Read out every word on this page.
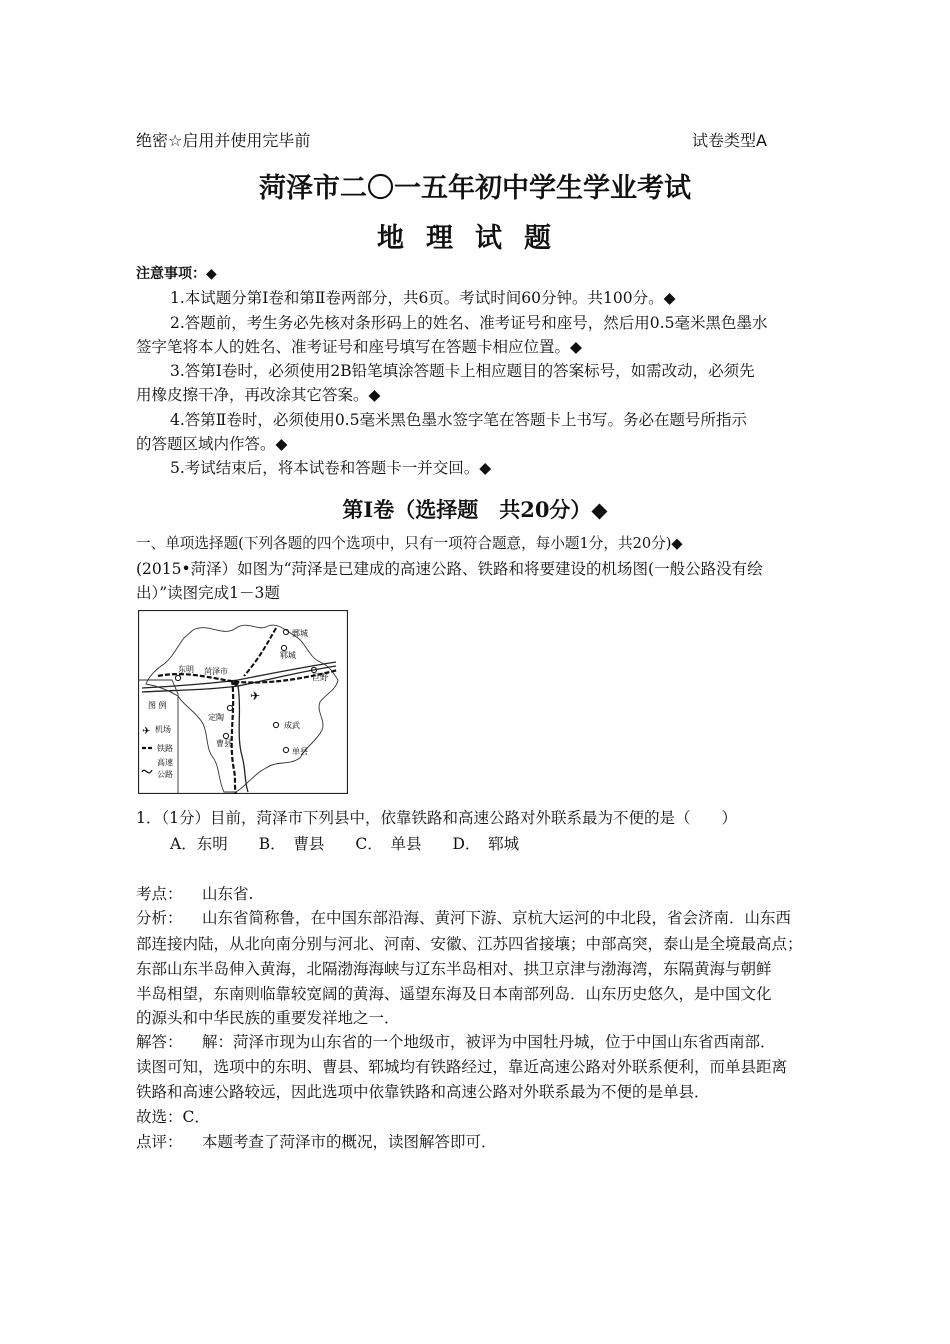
绝密☆启用并使用完毕前	试卷类型A
菏泽市二〇一五年初中学生学业考试
地理试题
注意事项：◆
1.本试题分第Ⅰ卷和第Ⅱ卷两部分，共6页。考试时间60分钟。共100分。◆
2.答题前，考生务必先核对条形码上的姓名、准考证号和座号，然后用0.5毫米黑色墨水
签字笔将本人的姓名、准考证号和座号填写在答题卡相应位置。◆
3.答第Ⅰ卷时，必须使用2B铅笔填涂答题卡上相应题目的答案标号，如需改动，必须先
用橡皮擦干净，再改涂其它答案。◆
4.答第Ⅱ卷时，必须使用0.5毫米黑色墨水签字笔在答题卡上书写。务必在题号所指示
的答题区域内作答。◆
5.考试结束后，将本试卷和答题卡一并交回。◆
第Ⅰ卷（选择题　共20分）◆
一、单项选择题(下列各题的四个选项中，只有一项符合题意，每小题1分，共20分)◆
(2015•菏泽）如图为“菏泽是已建成的高速公路、铁路和将要建设的机场图(一般公路没有绘
出）”读图完成1－3题
鄄城
郓城
东明 菏泽市
巨野
定陶
成武
曹县
单县
✈
图 例
✈ 机场
铁路
高速
公路
1．（1分）目前，菏泽市下列县中，依靠铁路和高速公路对外联系最为不便的是（　　）
A．东明　　B．　曹县　　C．　单县　　D．　郓城
考点： 山东省.
分析： 山东省简称鲁，在中国东部沿海、黄河下游、京杭大运河的中北段，省会济南．山东西
部连接内陆，从北向南分别与河北、河南、安徽、江苏四省接壤；中部高突，泰山是全境最高点；
东部山东半岛伸入黄海，北隔渤海海峡与辽东半岛相对、拱卫京津与渤海湾，东隔黄海与朝鲜
半岛相望，东南则临靠较宽阔的黄海、遥望东海及日本南部列岛．山东历史悠久，是中国文化
的源头和中华民族的重要发祥地之一．
解答： 解：菏泽市现为山东省的一个地级市，被评为中国牡丹城，位于中国山东省西南部．
读图可知，选项中的东明、曹县、郓城均有铁路经过，靠近高速公路对外联系便利，而单县距离
铁路和高速公路较远，因此选项中依靠铁路和高速公路对外联系最为不便的是单县．
故选：C．
点评： 本题考查了菏泽市的概况，读图解答即可．
